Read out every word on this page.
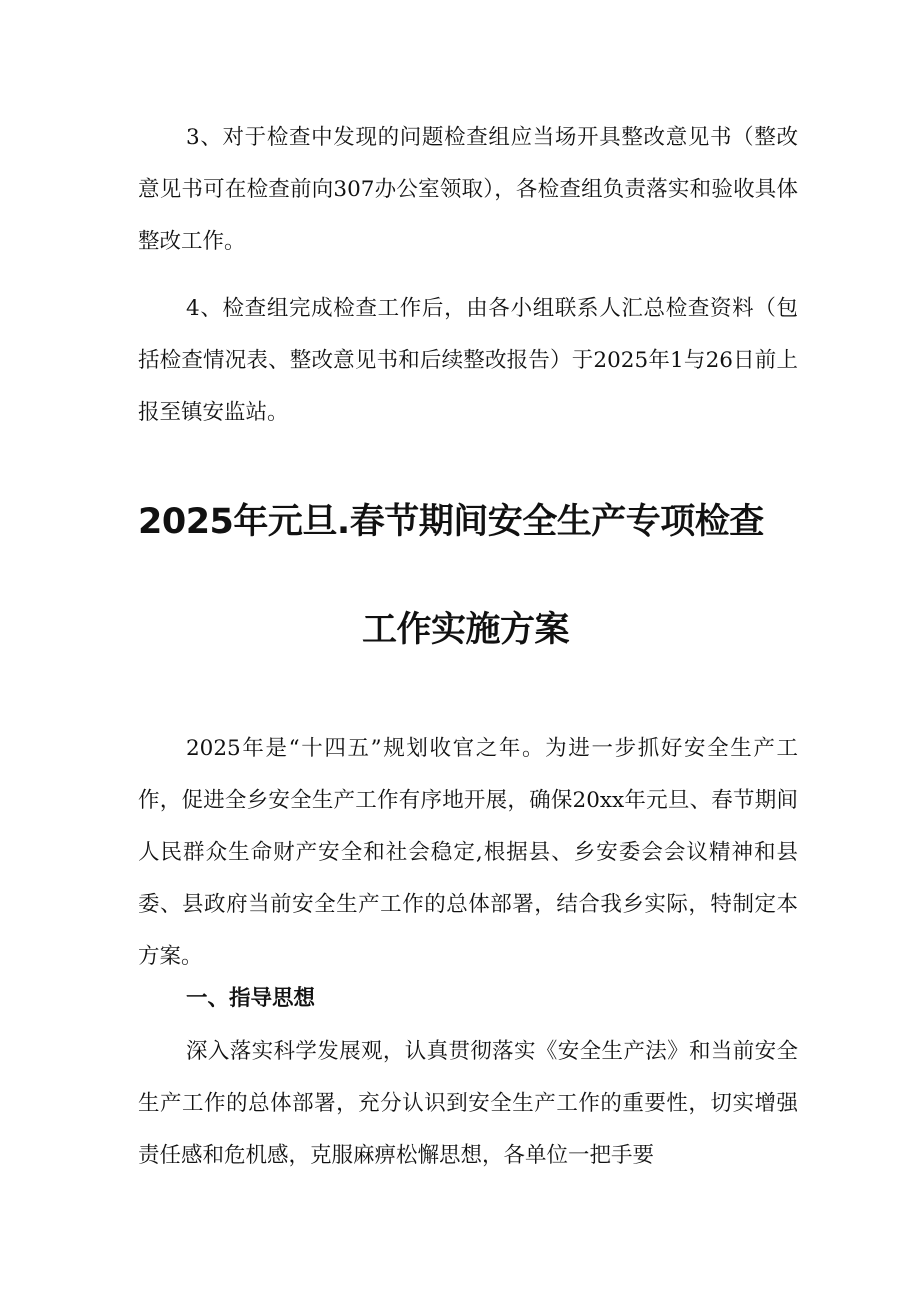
3、对于检查中发现的问题检查组应当场开具整改意见书（整改意见书可在检查前向307办公室领取），各检查组负责落实和验收具体整改工作。

4、检查组完成检查工作后，由各小组联系人汇总检查资料（包括检查情况表、整改意见书和后续整改报告）于2025年1与26日前上报至镇安监站。

2025年元旦.春节期间安全生产专项检查
工作实施方案

2025年是“十四五”规划收官之年。为进一步抓好安全生产工作，促进全乡安全生产工作有序地开展，确保20xx年元旦、春节期间人民群众生命财产安全和社会稳定,根据县、乡安委会会议精神和县委、县政府当前安全生产工作的总体部署，结合我乡实际，特制定本方案。

一、指导思想

深入落实科学发展观，认真贯彻落实《安全生产法》和当前安全生产工作的总体部署，充分认识到安全生产工作的重要性，切实增强责任感和危机感，克服麻痹松懈思想，各单位一把手要
